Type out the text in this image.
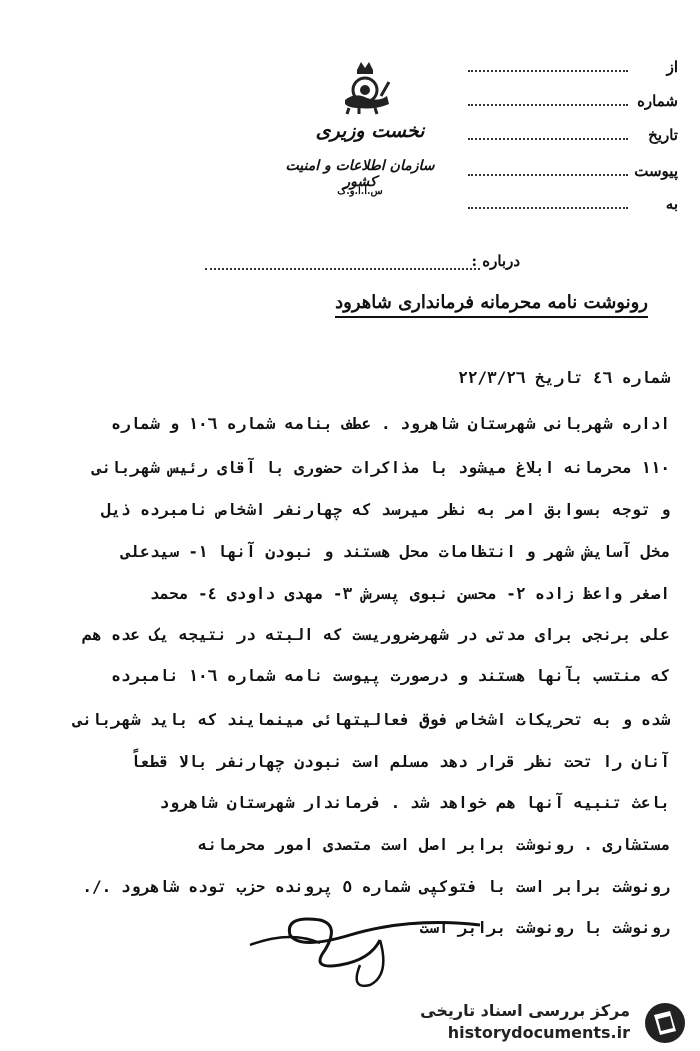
نخست وزیری
سازمان اطلاعات و امنیت کشور
س.ا.ا.و.ک
از
شماره
تاریخ
پیوست
به
درباره :
رونوشت نامه محرمانه فرمانداری شاهرود
شماره ٤٦ تاریخ ٢٢/٣/٢٦
اداره شهربانی شهرستان شاهرود . عطف بنامه شماره ١٠٦ و شماره
١١٠ محرمانه ابلاغ میشود با مذاکرات حضوری با آقای رئیس شهربانی
و توجه بسوابق امر به نظر میرسد که چهارنفر اشخاص نامبرده ذیل
مخل آسایش شهر و انتظامات محل هستند و نبودن آنها ١- سیدعلی
اصغر واعظ زاده ٢- محسن نبوی پسرش ٣- مهدی داودی ٤- محمد
علی برنجی برای مدتی در شهرضروریست که البته در نتیجه یک عده هم
که منتسب بآنها هستند و درصورت پیوست نامه شماره ١٠٦ نامبرده
شده و به تحریکات اشخاص فوق فعالیتهائی مینمایند که باید شهربانی
آنان را تحت نظر قرار دهد مسلم است نبودن چهارنفر بالا قطعاً
باعث تنبیه آنها هم خواهد شد . فرماندار شهرستان شاهرود
مستشاری . رونوشت برابر اصل است متصدی امور محرمانه
رونوشت برابر است با فتوکپی شماره ٥ پرونده حزب توده شاهرود ./.
رونوشت با رونوشت برابر است
مرکز بررسی اسناد تاریخی
historydocuments.ir
